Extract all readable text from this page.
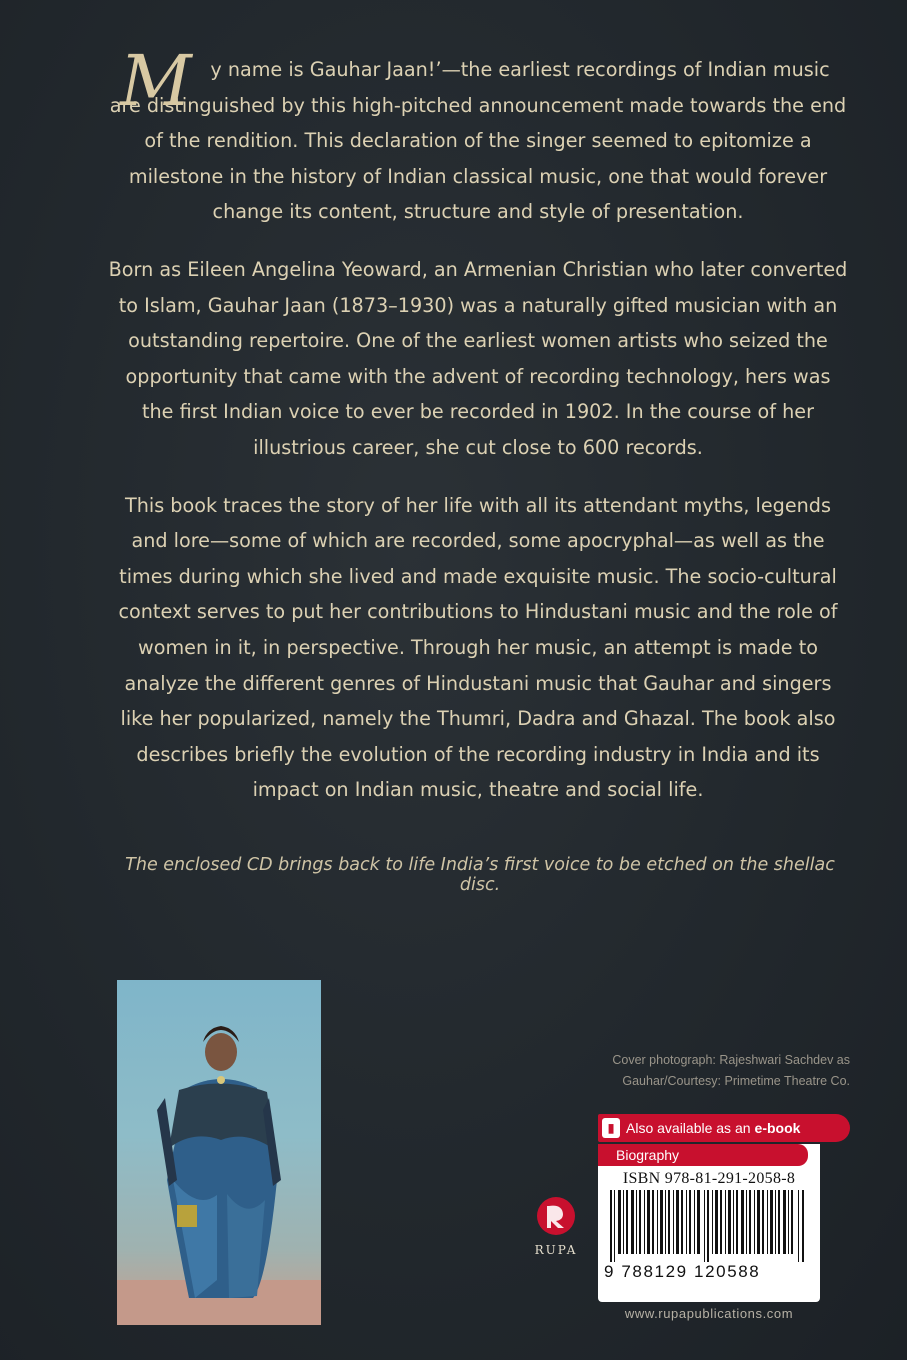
M y name is Gauhar Jaan!’—the earliest recordings of Indian music are distinguished by this high-pitched announcement made towards the end of the rendition. This declaration of the singer seemed to epitomize a milestone in the history of Indian classical music, one that would forever change its content, structure and style of presentation.
Born as Eileen Angelina Yeoward, an Armenian Christian who later converted to Islam, Gauhar Jaan (1873–1930) was a naturally gifted musician with an outstanding repertoire. One of the earliest women artists who seized the opportunity that came with the advent of recording technology, hers was the first Indian voice to ever be recorded in 1902. In the course of her illustrious career, she cut close to 600 records.
This book traces the story of her life with all its attendant myths, legends and lore—some of which are recorded, some apocryphal—as well as the times during which she lived and made exquisite music. The socio-cultural context serves to put her contributions to Hindustani music and the role of women in it, in perspective. Through her music, an attempt is made to analyze the different genres of Hindustani music that Gauhar and singers like her popularized, namely the Thumri, Dadra and Ghazal. The book also describes briefly the evolution of the recording industry in India and its impact on Indian music, theatre and social life.
The enclosed CD brings back to life India’s first voice to be etched on the shellac disc.
Cover photograph: Rajeshwari Sachdev as
Gauhar/Courtesy: Primetime Theatre Co.
RUPA
▮ Also available as an e-book
Biography
ISBN 978-81-291-2058-8
9 788129 120588
www.rupapublications.com
